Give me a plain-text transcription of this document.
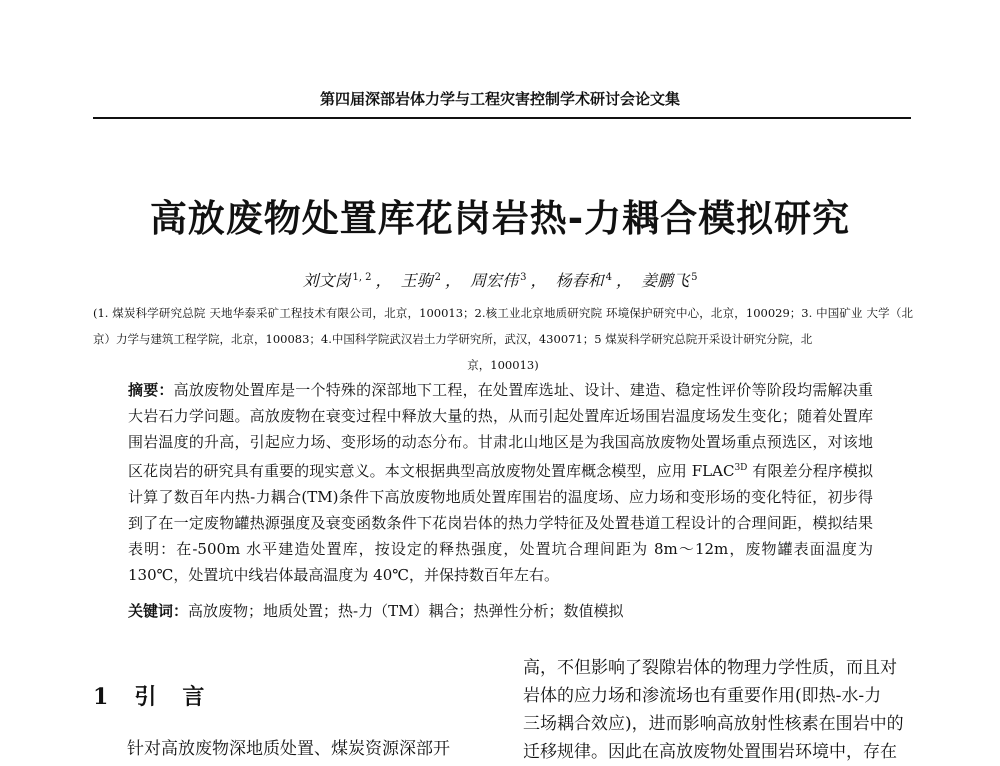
第四届深部岩体力学与工程灾害控制学术研讨会论文集
高放废物处置库花岗岩热-力耦合模拟研究
刘文岗 $^{1, 2}$ ， 王驹 $^2$ ， 周宏伟 $^3$ ， 杨春和 $^4$ ， 姜鹏飞 $^5$
(1. 煤炭科学研究总院 天地华泰采矿工程技术有限公司，北京，100013；2.核工业北京地质研究院 环境保护研究中心，北京，100029；3. 中国矿业 大学（北京）力学与建筑工程学院，北京，100083；4.中国科学院武汉岩土力学研究所，武汉，430071；5 煤炭科学研究总院开采设计研究分院，北
京，100013)
摘要：高放废物处置库是一个特殊的深部地下工程，在处置库选址、设计、建造、稳定性评价等阶段均需解决重大岩石力学问题。高放废物在衰变过程中释放大量的热，从而引起处置库近场围岩温度场发生变化；随着处置库围岩温度的升高，引起应力场、变形场的动态分布。甘肃北山地区是为我国高放废物处置场重点预选区，对该地区花岗岩的研究具有重要的现实意义。本文根据典型高放废物处置库概念模型，应用 $FLAC^{3D}$ 有限差分程序模拟计算了数百年内热-力耦合(TM)条件下高放废物地质处置库围岩的温度场、应力场和变形场的变化特征，初步得到了在一定废物罐热源强度及衰变函数条件下花岗岩体的热力学特征及处置巷道工程设计的合理间距，模拟结果表明：在-500m 水平建造处置库，按设定的释热强度，处置坑合理间距为 8m～12m，废物罐表面温度为 130℃，处置坑中线岩体最高温度为 40℃，并保持数百年左右。
关键词：高放废物；地质处置；热-力（TM）耦合；热弹性分析；数值模拟
1 引 言
针对高放废物深地质处置、煤炭资源深部开
高，不但影响了裂隙岩体的物理力学性质，而且对
岩体的应力场和渗流场也有重要作用(即热-水-力
三场耦合效应)，进而影响高放射性核素在围岩中的
迁移规律。因此在高放废物处置围岩环境中，存在
